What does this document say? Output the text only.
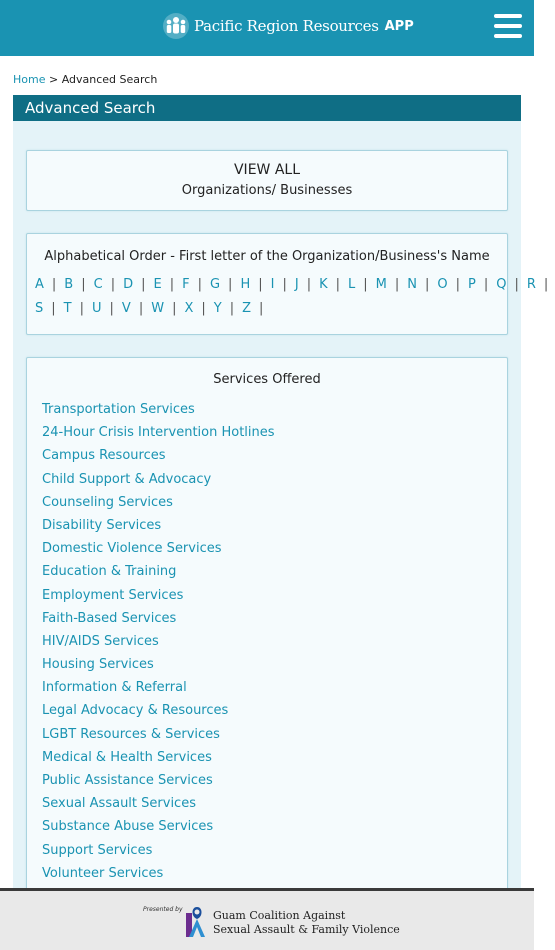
Pacific Region Resources APP
Home > Advanced Search
Advanced Search
VIEW ALL
Organizations/ Businesses
Alphabetical Order - First letter of the Organization/Business's Name
A | B | C | D | E | F | G | H | I | J | K | L | M | N | O | P | Q | R |
S | T | U | V | W | X | Y | Z |
Services Offered
Transportation Services
24-Hour Crisis Intervention Hotlines
Campus Resources
Child Support & Advocacy
Counseling Services
Disability Services
Domestic Violence Services
Education & Training
Employment Services
Faith-Based Services
HIV/AIDS Services
Housing Services
Information & Referral
Legal Advocacy & Resources
LGBT Resources & Services
Medical & Health Services
Public Assistance Services
Sexual Assault Services
Substance Abuse Services
Support Services
Volunteer Services
Presented by	Guam Coalition Against
Sexual Assault & Family Violence
